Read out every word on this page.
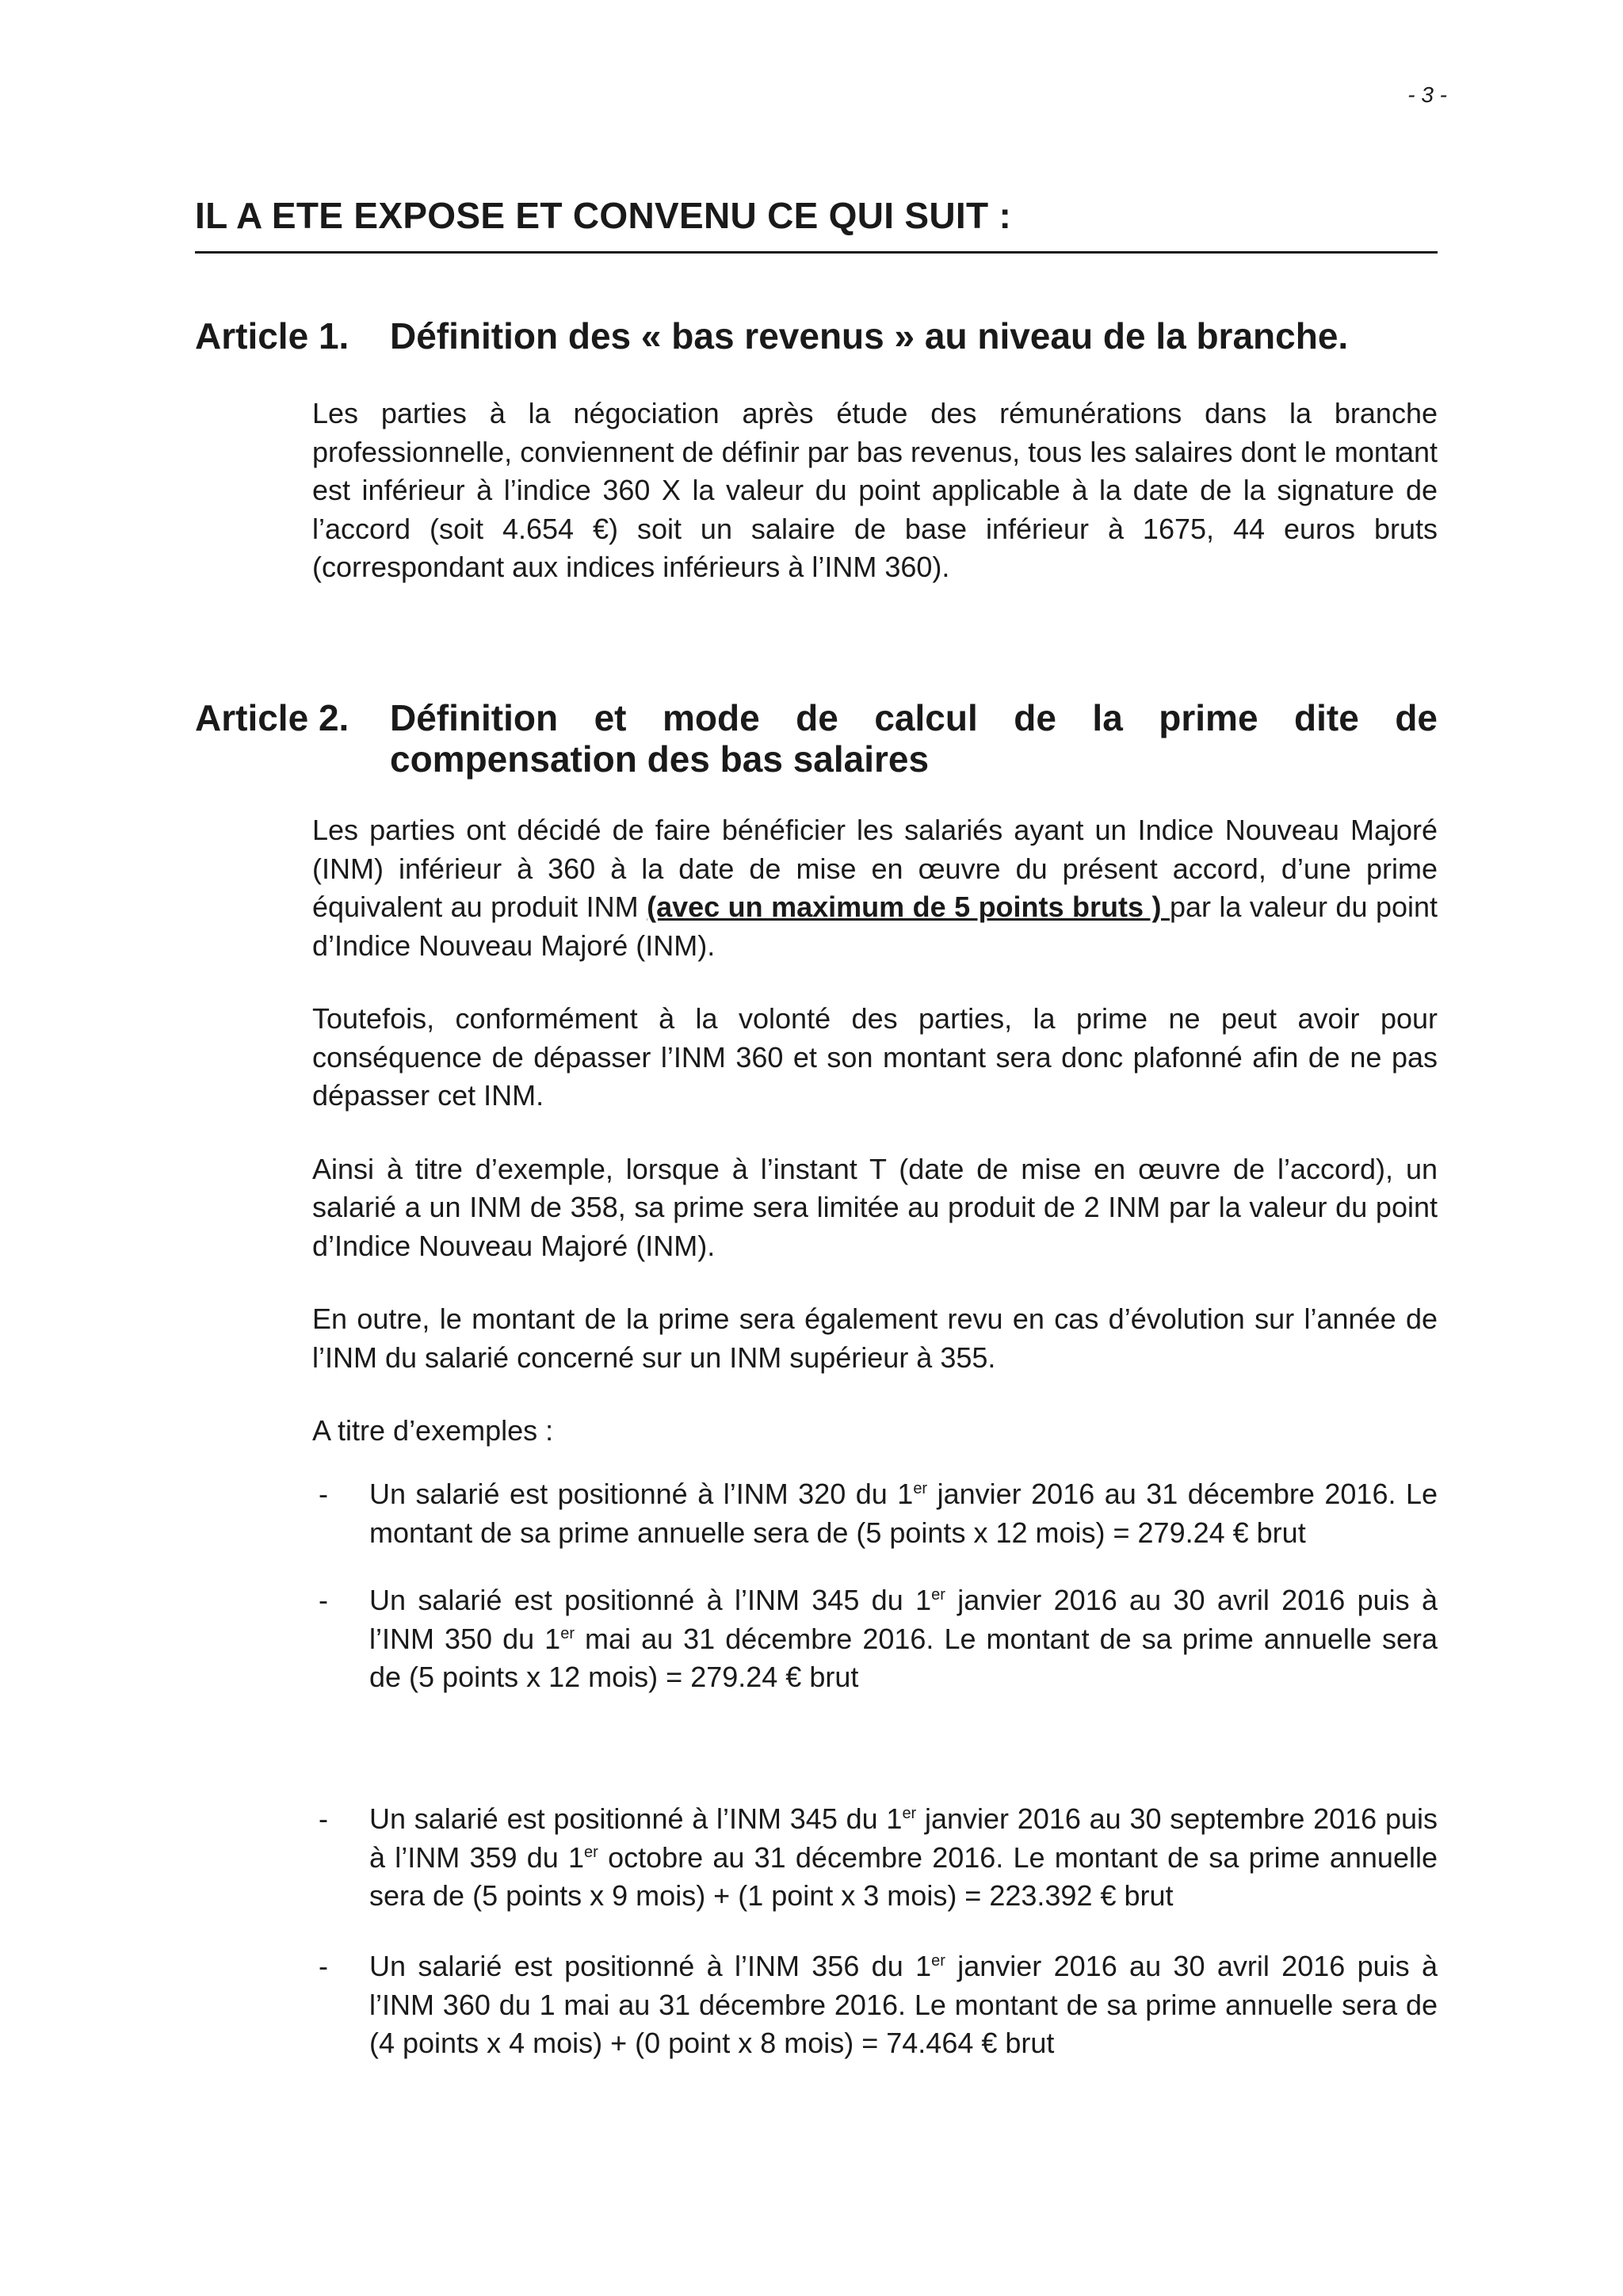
- 3 -
IL A ETE EXPOSE ET CONVENU CE QUI SUIT :
Article 1. Définition des « bas revenus » au niveau de la branche.

Les parties à la négociation après étude des rémunérations dans la branche professionnelle, conviennent de définir par bas revenus, tous les salaires dont le montant est inférieur à l’indice 360 X la valeur du point applicable à la date de la signature de l’accord (soit 4.654 €) soit un salaire de base inférieur à 1675, 44 euros bruts (correspondant aux indices inférieurs à l’INM 360).

Article 2. Définition et mode de calcul de la prime dite de compensation des bas salaires

Les parties ont décidé de faire bénéficier les salariés ayant un Indice Nouveau Majoré (INM) inférieur à 360 à la date de mise en œuvre du présent accord, d’une prime équivalent au produit INM (avec un maximum de 5 points bruts ) par la valeur du point d’Indice Nouveau Majoré (INM).

Toutefois, conformément à la volonté des parties, la prime ne peut avoir pour conséquence de dépasser l’INM 360 et son montant sera donc plafonné afin de ne pas dépasser cet INM.

Ainsi à titre d’exemple, lorsque à l’instant T (date de mise en œuvre de l’accord), un salarié a un INM de 358, sa prime sera limitée au produit de 2 INM par la valeur du point d’Indice Nouveau Majoré (INM).

En outre, le montant de la prime sera également revu en cas d’évolution sur l’année de l’INM du salarié concerné sur un INM supérieur à 355.

A titre d’exemples :

- Un salarié est positionné à l’INM 320 du 1er janvier 2016 au 31 décembre 2016. Le montant de sa prime annuelle sera de (5 points x 12 mois) = 279.24 € brut
- Un salarié est positionné à l’INM 345 du 1er janvier 2016 au 30 avril 2016 puis à l’INM 350 du 1er mai au 31 décembre 2016. Le montant de sa prime annuelle sera de (5 points x 12 mois) = 279.24 € brut
- Un salarié est positionné à l’INM 345 du 1er janvier 2016 au 30 septembre 2016 puis à l’INM 359 du 1er octobre au 31 décembre 2016. Le montant de sa prime annuelle sera de (5 points x 9 mois) + (1 point x 3 mois) = 223.392 € brut
- Un salarié est positionné à l’INM 356 du 1er janvier 2016 au 30 avril 2016 puis à l’INM 360 du 1 mai au 31 décembre 2016. Le montant de sa prime annuelle sera de (4 points x 4 mois) + (0 point x 8 mois) = 74.464 € brut
